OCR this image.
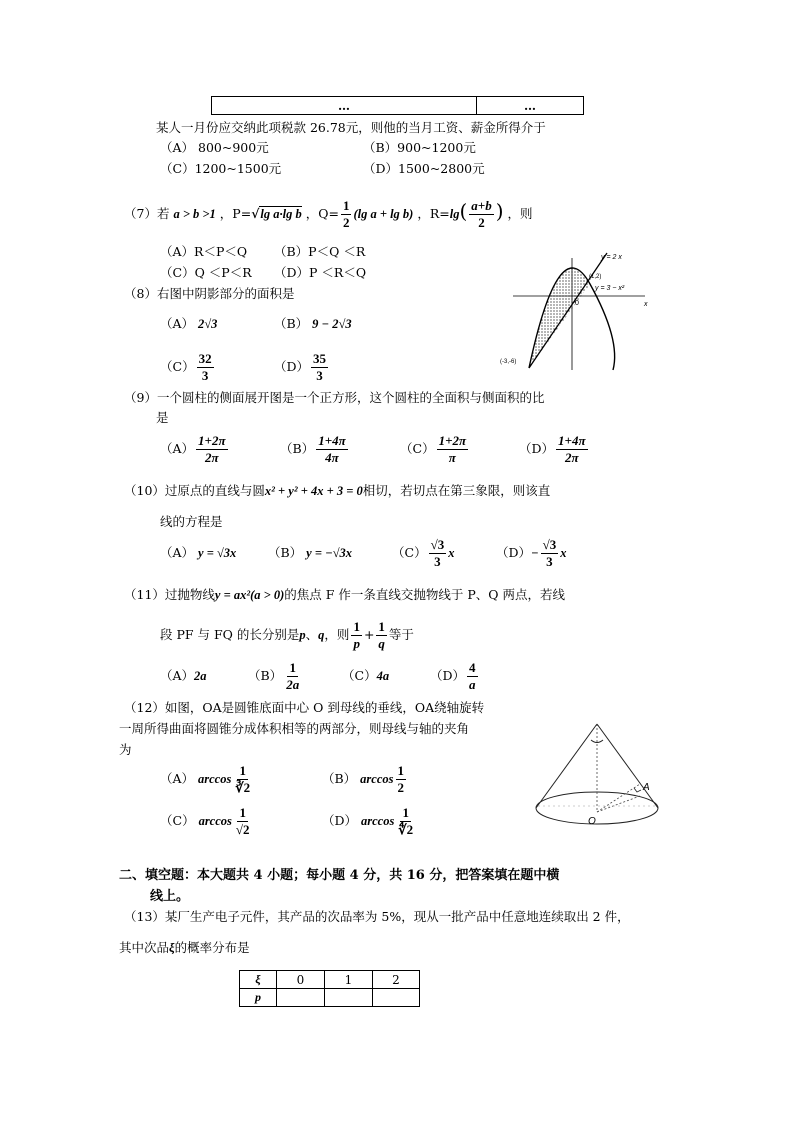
…	…
某人一月份应交纳此项税款 26.78元，则他的当月工资、薪金所得介于
（A） 800~900元	（B）900~1200元
（C）1200~1500元	（D）1500~2800元
（7）若 a > b >1 ，P=√lg a·lg b ，$Q= \frac{1}{2} (\lg$ a + lg b) ，$R=\lg( \frac{a+b}{2}$ ) ，则
（A）R＜P＜Q （B）P＜Q ＜R
（C）Q ＜P＜R （D）P ＜R＜Q
（8）右图中阴影部分的面积是
（A） 2√3	（B） 9 − 2√3
$(C) \frac{32}{3}$	$(D) \frac{35}{3}$
y = 2 x
(1,2)
y = 3 − x²
0	x
(-3,-6)
（9）一个圆柱的侧面展开图是一个正方形，这个圆柱的全面积与侧面积的比
是
$(A) \frac{1+2\pi}{2\pi}$	$(B) \frac{1+4\pi}{4\pi}$	$(C) \frac{1+2\pi}{\pi}$	$(D) \frac{1+4\pi}{2\pi}$
（10）过原点的直线与圆x² + y² + 4x + 3 = 0相切，若切点在第三象限，则该直
线的方程是
（A） y = √3x	（B） y = −√3x	$(C) \frac{√3}{3}$ x	$(D)- \frac{√3}{3}$ x
（11）过抛物线y = ax²(a > 0)的焦点 F 作一条直线交抛物线于 P、Q 两点，若线
段 PF 与 FQ 的长分别是p、q，则 $\frac{1}{p} + \frac{1}{q}$ 等于
（A）2a	$(B) \frac{1}{2a}$	（C）4a	$(D) \frac{4}{a}$
（12）如图，OA是圆锥底面中心 O 到母线的垂线，OA绕轴旋转
一周所得曲面将圆锥分成体积相等的两部分，则母线与轴的夹角
为
（A） $\arccos \frac{1}{∛2}$	（B） $\arccos \frac{1}{2}$
（C） $\arccos \frac{1}{√2}$	（D） $\arccos \frac{1}{∜2}$
A
O
二、填空题：本大题共 4 小题；每小题 4 分，共 16 分，把答案填在题中横
线上。
（13）某厂生产电子元件，其产品的次品率为 5%，现从一批产品中任意地连续取出 2 件，
其中次品ξ的概率分布是
ξ	0	1	2
p			
